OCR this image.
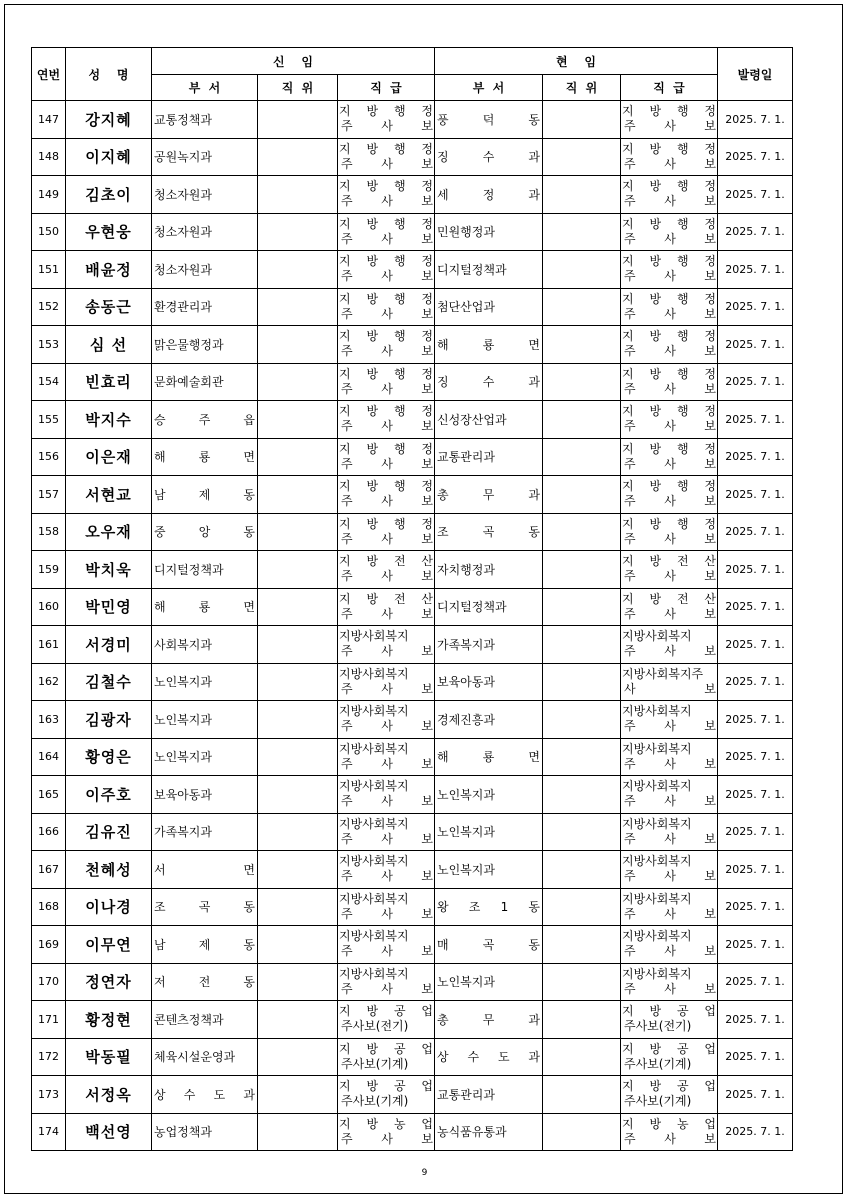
연번	성    명	신    임			현    임			발령일
		부  서	직  위	직  급	부  서	직  위	직  급	
147	강지혜	교통정책과		지 방 행 정
주 사 보	풍 덕 동		지 방 행 정
주 사 보	2025. 7. 1.
148	이지혜	공원녹지과		지 방 행 정
주 사 보	징 수 과		지 방 행 정
주 사 보	2025. 7. 1.
149	김초이	청소자원과		지 방 행 정
주 사 보	세 정 과		지 방 행 정
주 사 보	2025. 7. 1.
150	우현웅	청소자원과		지 방 행 정
주 사 보	민원행정과		지 방 행 정
주 사 보	2025. 7. 1.
151	배윤정	청소자원과		지 방 행 정
주 사 보	디지털정책과		지 방 행 정
주 사 보	2025. 7. 1.
152	송동근	환경관리과		지 방 행 정
주 사 보	첨단산업과		지 방 행 정
주 사 보	2025. 7. 1.
153	심 선	맑은물행정과		지 방 행 정
주 사 보	해 룡 면		지 방 행 정
주 사 보	2025. 7. 1.
154	빈효리	문화예술회관		지 방 행 정
주 사 보	징 수 과		지 방 행 정
주 사 보	2025. 7. 1.
155	박지수	승 주 읍		지 방 행 정
주 사 보	신성장산업과		지 방 행 정
주 사 보	2025. 7. 1.
156	이은재	해 룡 면		지 방 행 정
주 사 보	교통관리과		지 방 행 정
주 사 보	2025. 7. 1.
157	서현교	남 제 동		지 방 행 정
주 사 보	총 무 과		지 방 행 정
주 사 보	2025. 7. 1.
158	오우재	중 앙 동		지 방 행 정
주 사 보	조 곡 동		지 방 행 정
주 사 보	2025. 7. 1.
159	박치욱	디지털정책과		지 방 전 산
주 사 보	자치행정과		지 방 전 산
주 사 보	2025. 7. 1.
160	박민영	해 룡 면		지 방 전 산
주 사 보	디지털정책과		지 방 전 산
주 사 보	2025. 7. 1.
161	서경미	사회복지과		지방사회복지
주 사 보	가족복지과		지방사회복지
주 사 보	2025. 7. 1.
162	김철수	노인복지과		지방사회복지
주 사 보	보육아동과		지방사회복지주
사 보	2025. 7. 1.
163	김광자	노인복지과		지방사회복지
주 사 보	경제진흥과		지방사회복지
주 사 보	2025. 7. 1.
164	황영은	노인복지과		지방사회복지
주 사 보	해 룡 면		지방사회복지
주 사 보	2025. 7. 1.
165	이주호	보육아동과		지방사회복지
주 사 보	노인복지과		지방사회복지
주 사 보	2025. 7. 1.
166	김유진	가족복지과		지방사회복지
주 사 보	노인복지과		지방사회복지
주 사 보	2025. 7. 1.
167	천혜성	서 면		지방사회복지
주 사 보	노인복지과		지방사회복지
주 사 보	2025. 7. 1.
168	이나경	조 곡 동		지방사회복지
주 사 보	왕 조 1 동		지방사회복지
주 사 보	2025. 7. 1.
169	이무연	남 제 동		지방사회복지
주 사 보	매 곡 동		지방사회복지
주 사 보	2025. 7. 1.
170	정연자	저 전 동		지방사회복지
주 사 보	노인복지과		지방사회복지
주 사 보	2025. 7. 1.
171	황정현	콘텐츠정책과		지 방 공 업
주사보(전기)	총 무 과		지 방 공 업
주사보(전기)	2025. 7. 1.
172	박동필	체육시설운영과		지 방 공 업
주사보(기계)	상 수 도 과		지 방 공 업
주사보(기계)	2025. 7. 1.
173	서정옥	상 수 도 과		지 방 공 업
주사보(기계)	교통관리과		지 방 공 업
주사보(기계)	2025. 7. 1.
174	백선영	농업정책과		지 방 농 업
주 사 보	농식품유통과		지 방 농 업
주 사 보	2025. 7. 1.
9
